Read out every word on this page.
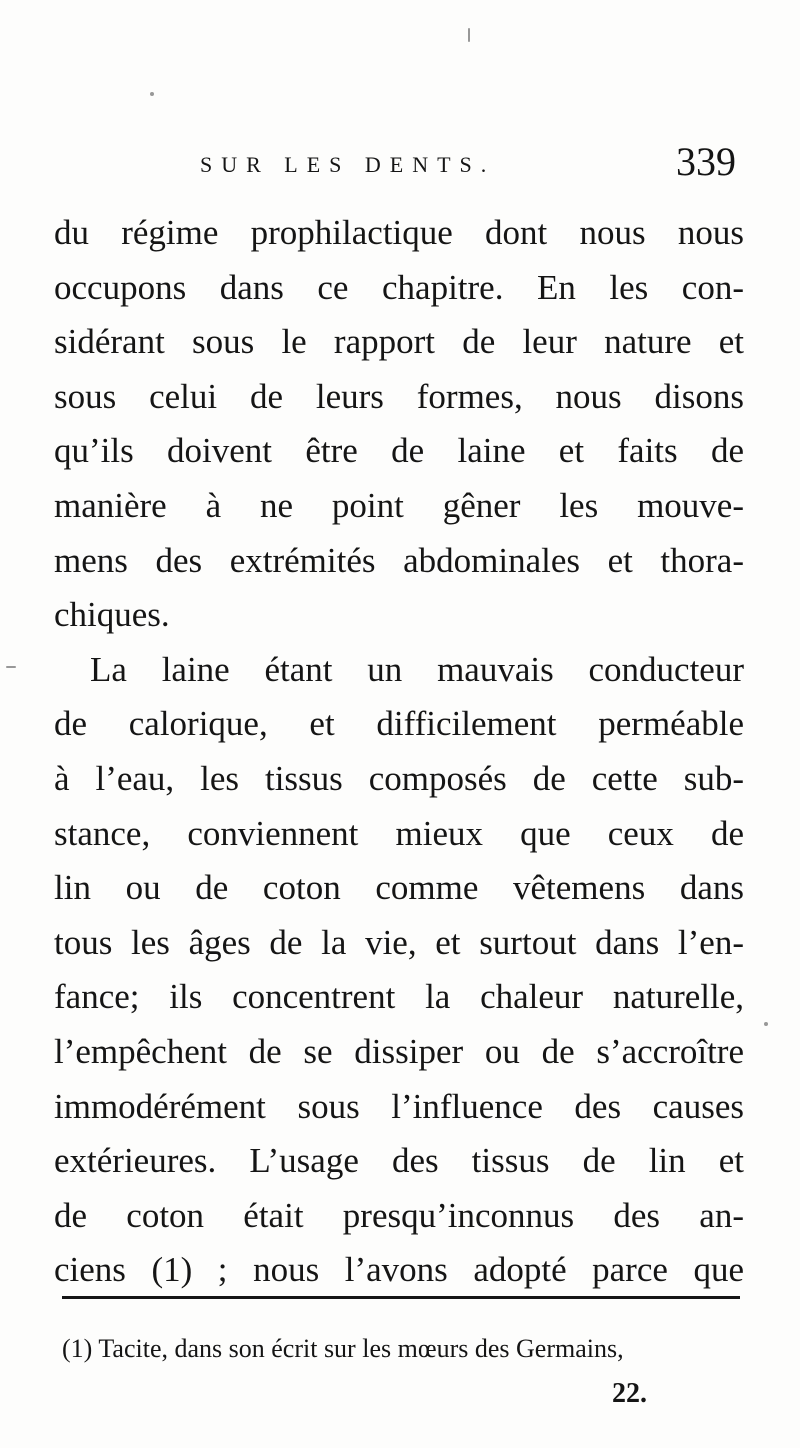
SUR LES DENTS.	339
du régime prophilactique dont nous nous
occupons dans ce chapitre. En les con-
sidérant sous le rapport de leur nature et
sous celui de leurs formes, nous disons
qu’ils doivent être de laine et faits de
manière à ne point gêner les mouve-
mens des extrémités abdominales et thora-
chiques.
La laine étant un mauvais conducteur
de calorique, et difficilement perméable
à l’eau, les tissus composés de cette sub-
stance, conviennent mieux que ceux de
lin ou de coton comme vêtemens dans
tous les âges de la vie, et surtout dans l’en-
fance; ils concentrent la chaleur naturelle,
l’empêchent de se dissiper ou de s’accroître
immodérément sous l’influence des causes
extérieures. L’usage des tissus de lin et
de coton était presqu’inconnus des an-
ciens (1) ; nous l’avons adopté parce que
(1) Tacite, dans son écrit sur les mœurs des Germains,
22.
